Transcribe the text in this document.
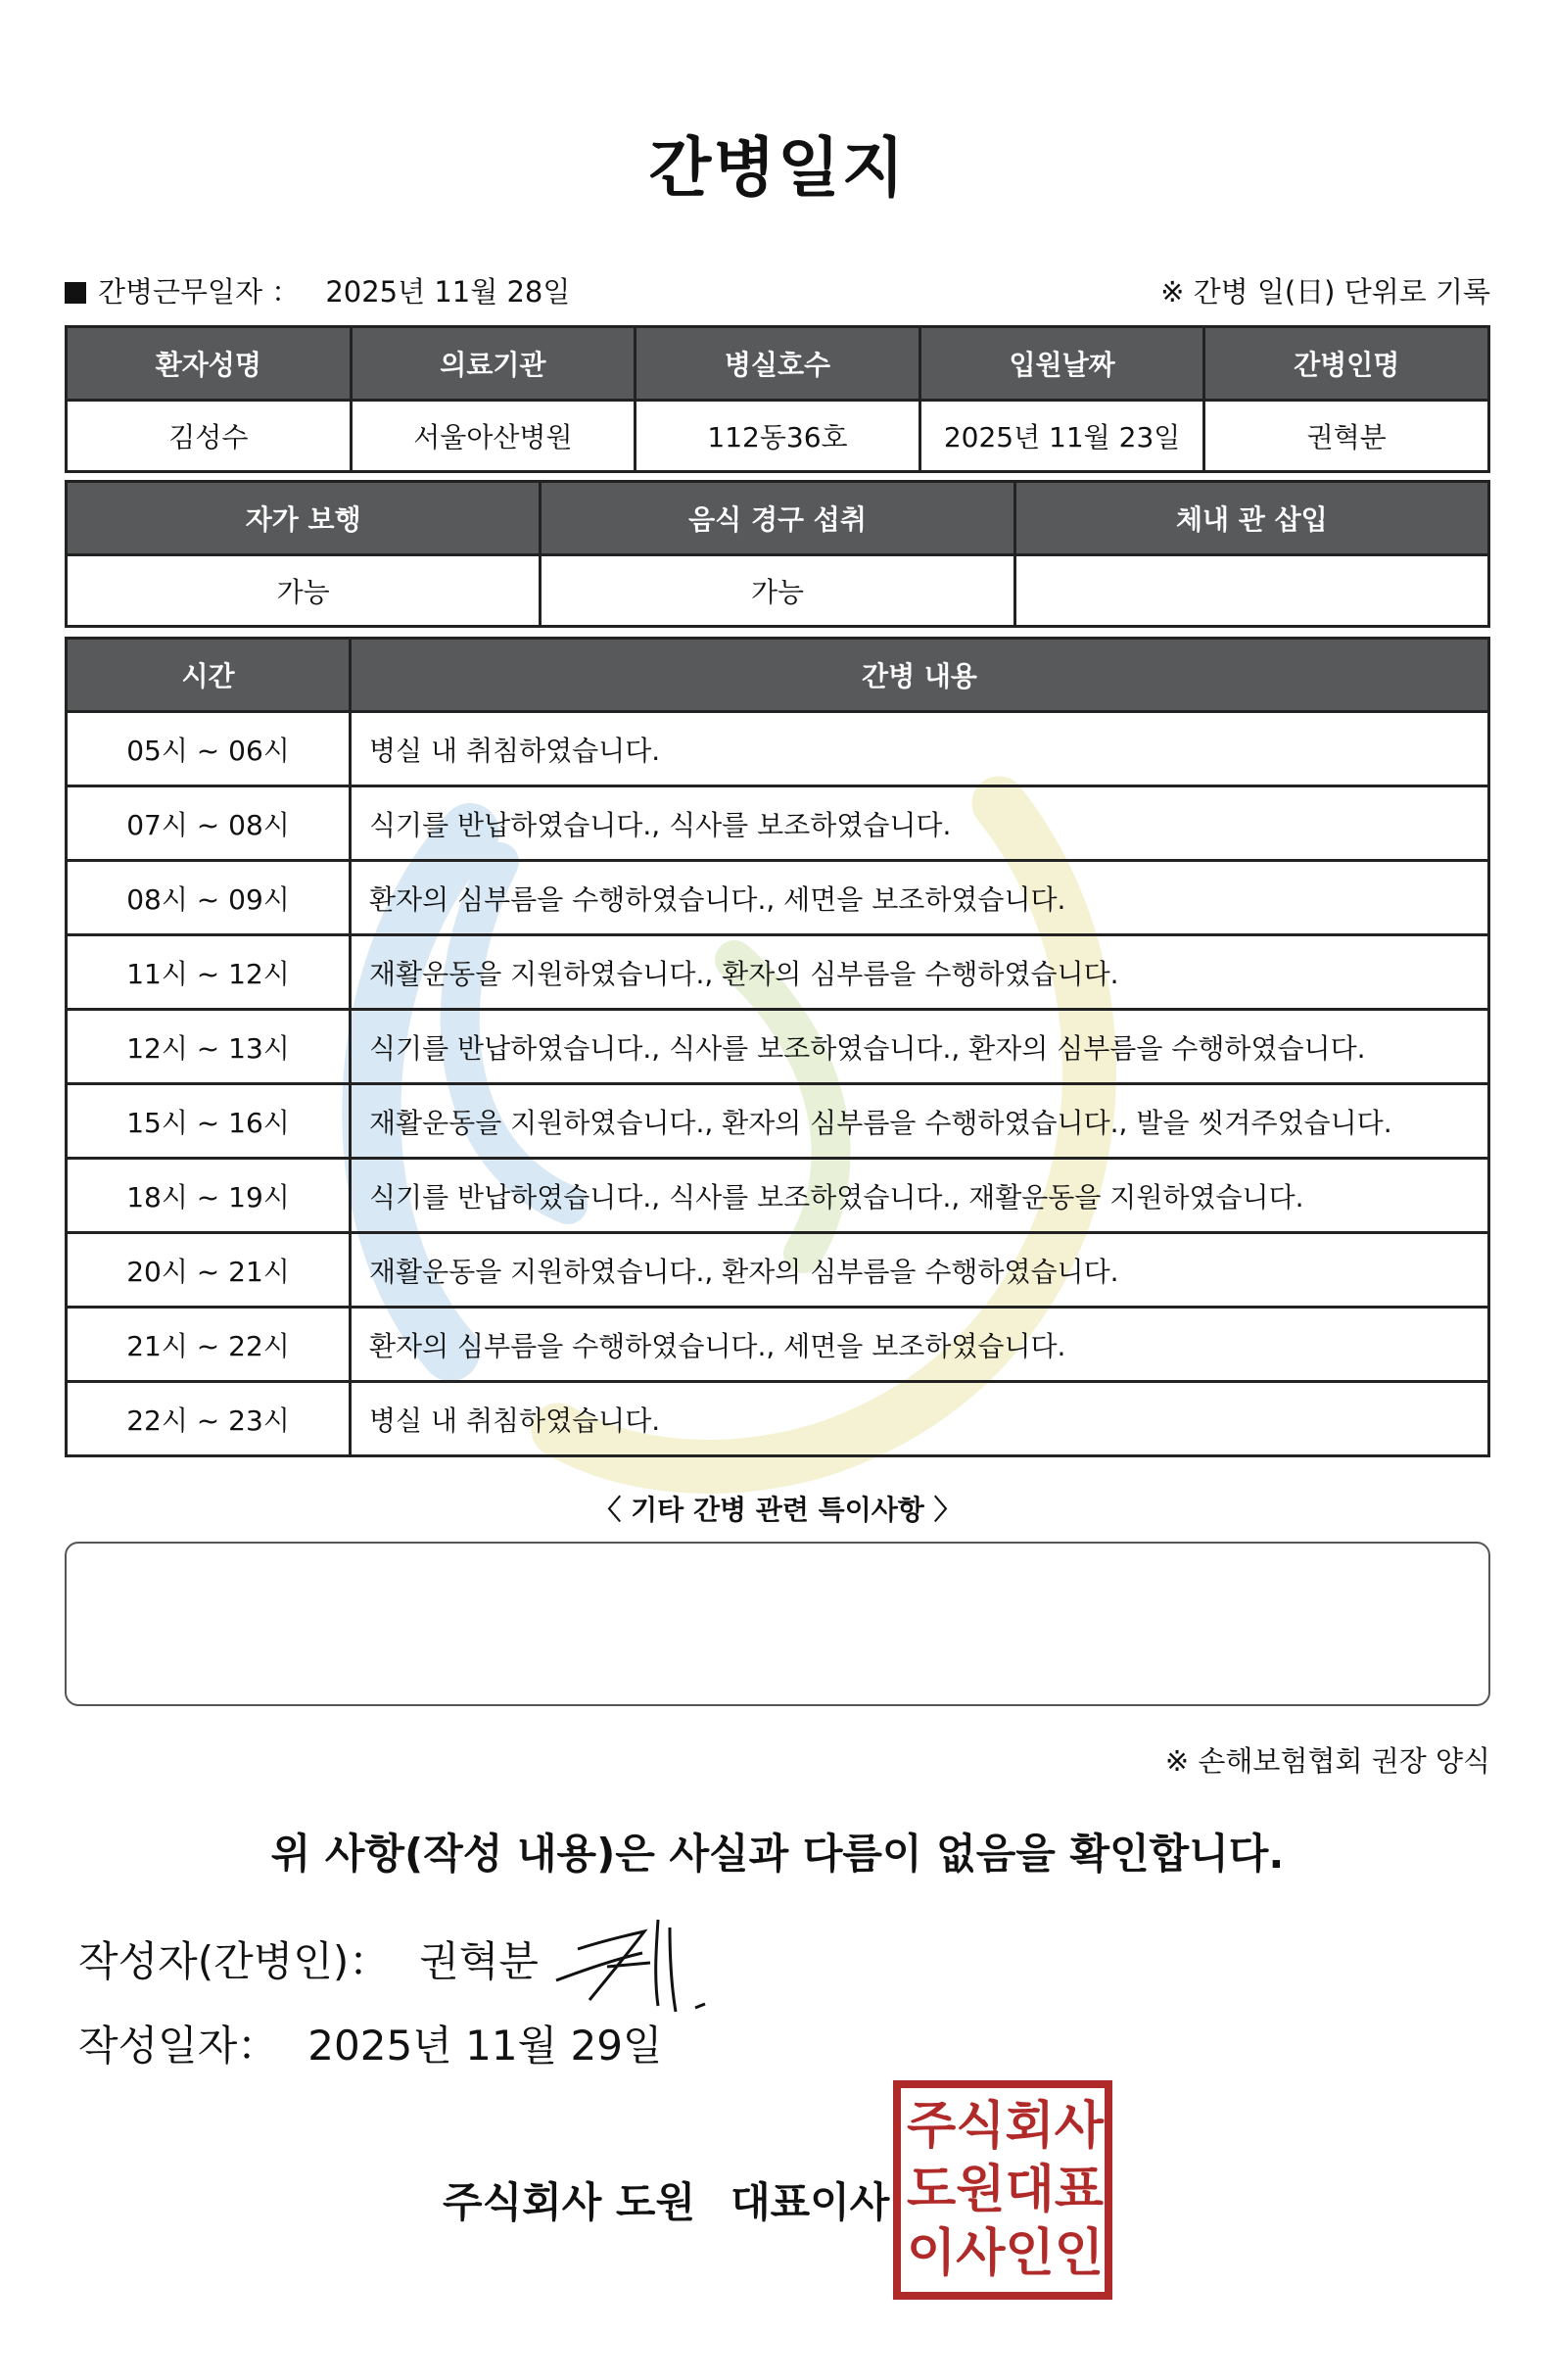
간병일지
간병근무일자 ： 2025년 11월 28일	※ 간병 일(日) 단위로 기록
환자성명	의료기관	병실호수	입원날짜	간병인명
김성수	서울아산병원	112동36호	2025년 11월 23일	권혁분
자가 보행	음식 경구 섭취	체내 관 삽입
가능	가능	
시간	간병 내용
05시 ~ 06시	병실 내 취침하였습니다.
07시 ~ 08시	식기를 반납하였습니다., 식사를 보조하였습니다.
08시 ~ 09시	환자의 심부름을 수행하였습니다., 세면을 보조하였습니다.
11시 ~ 12시	재활운동을 지원하였습니다., 환자의 심부름을 수행하였습니다.
12시 ~ 13시	식기를 반납하였습니다., 식사를 보조하였습니다., 환자의 심부름을 수행하였습니다.
15시 ~ 16시	재활운동을 지원하였습니다., 환자의 심부름을 수행하였습니다., 발을 씻겨주었습니다.
18시 ~ 19시	식기를 반납하였습니다., 식사를 보조하였습니다., 재활운동을 지원하였습니다.
20시 ~ 21시	재활운동을 지원하였습니다., 환자의 심부름을 수행하였습니다.
21시 ~ 22시	환자의 심부름을 수행하였습니다., 세면을 보조하였습니다.
22시 ~ 23시	병실 내 취침하였습니다.
〈 기타 간병 관련 특이사항 〉
※ 손해보험협회 권장 양식
위 사항(작성 내용)은 사실과 다름이 없음을 확인합니다.
작성자(간병인)： 권혁분
작성일자： 2025년 11월 29일
주식회사 도원 대표이사
주 식 회 사
도 원 대 표
이 사 인 인
